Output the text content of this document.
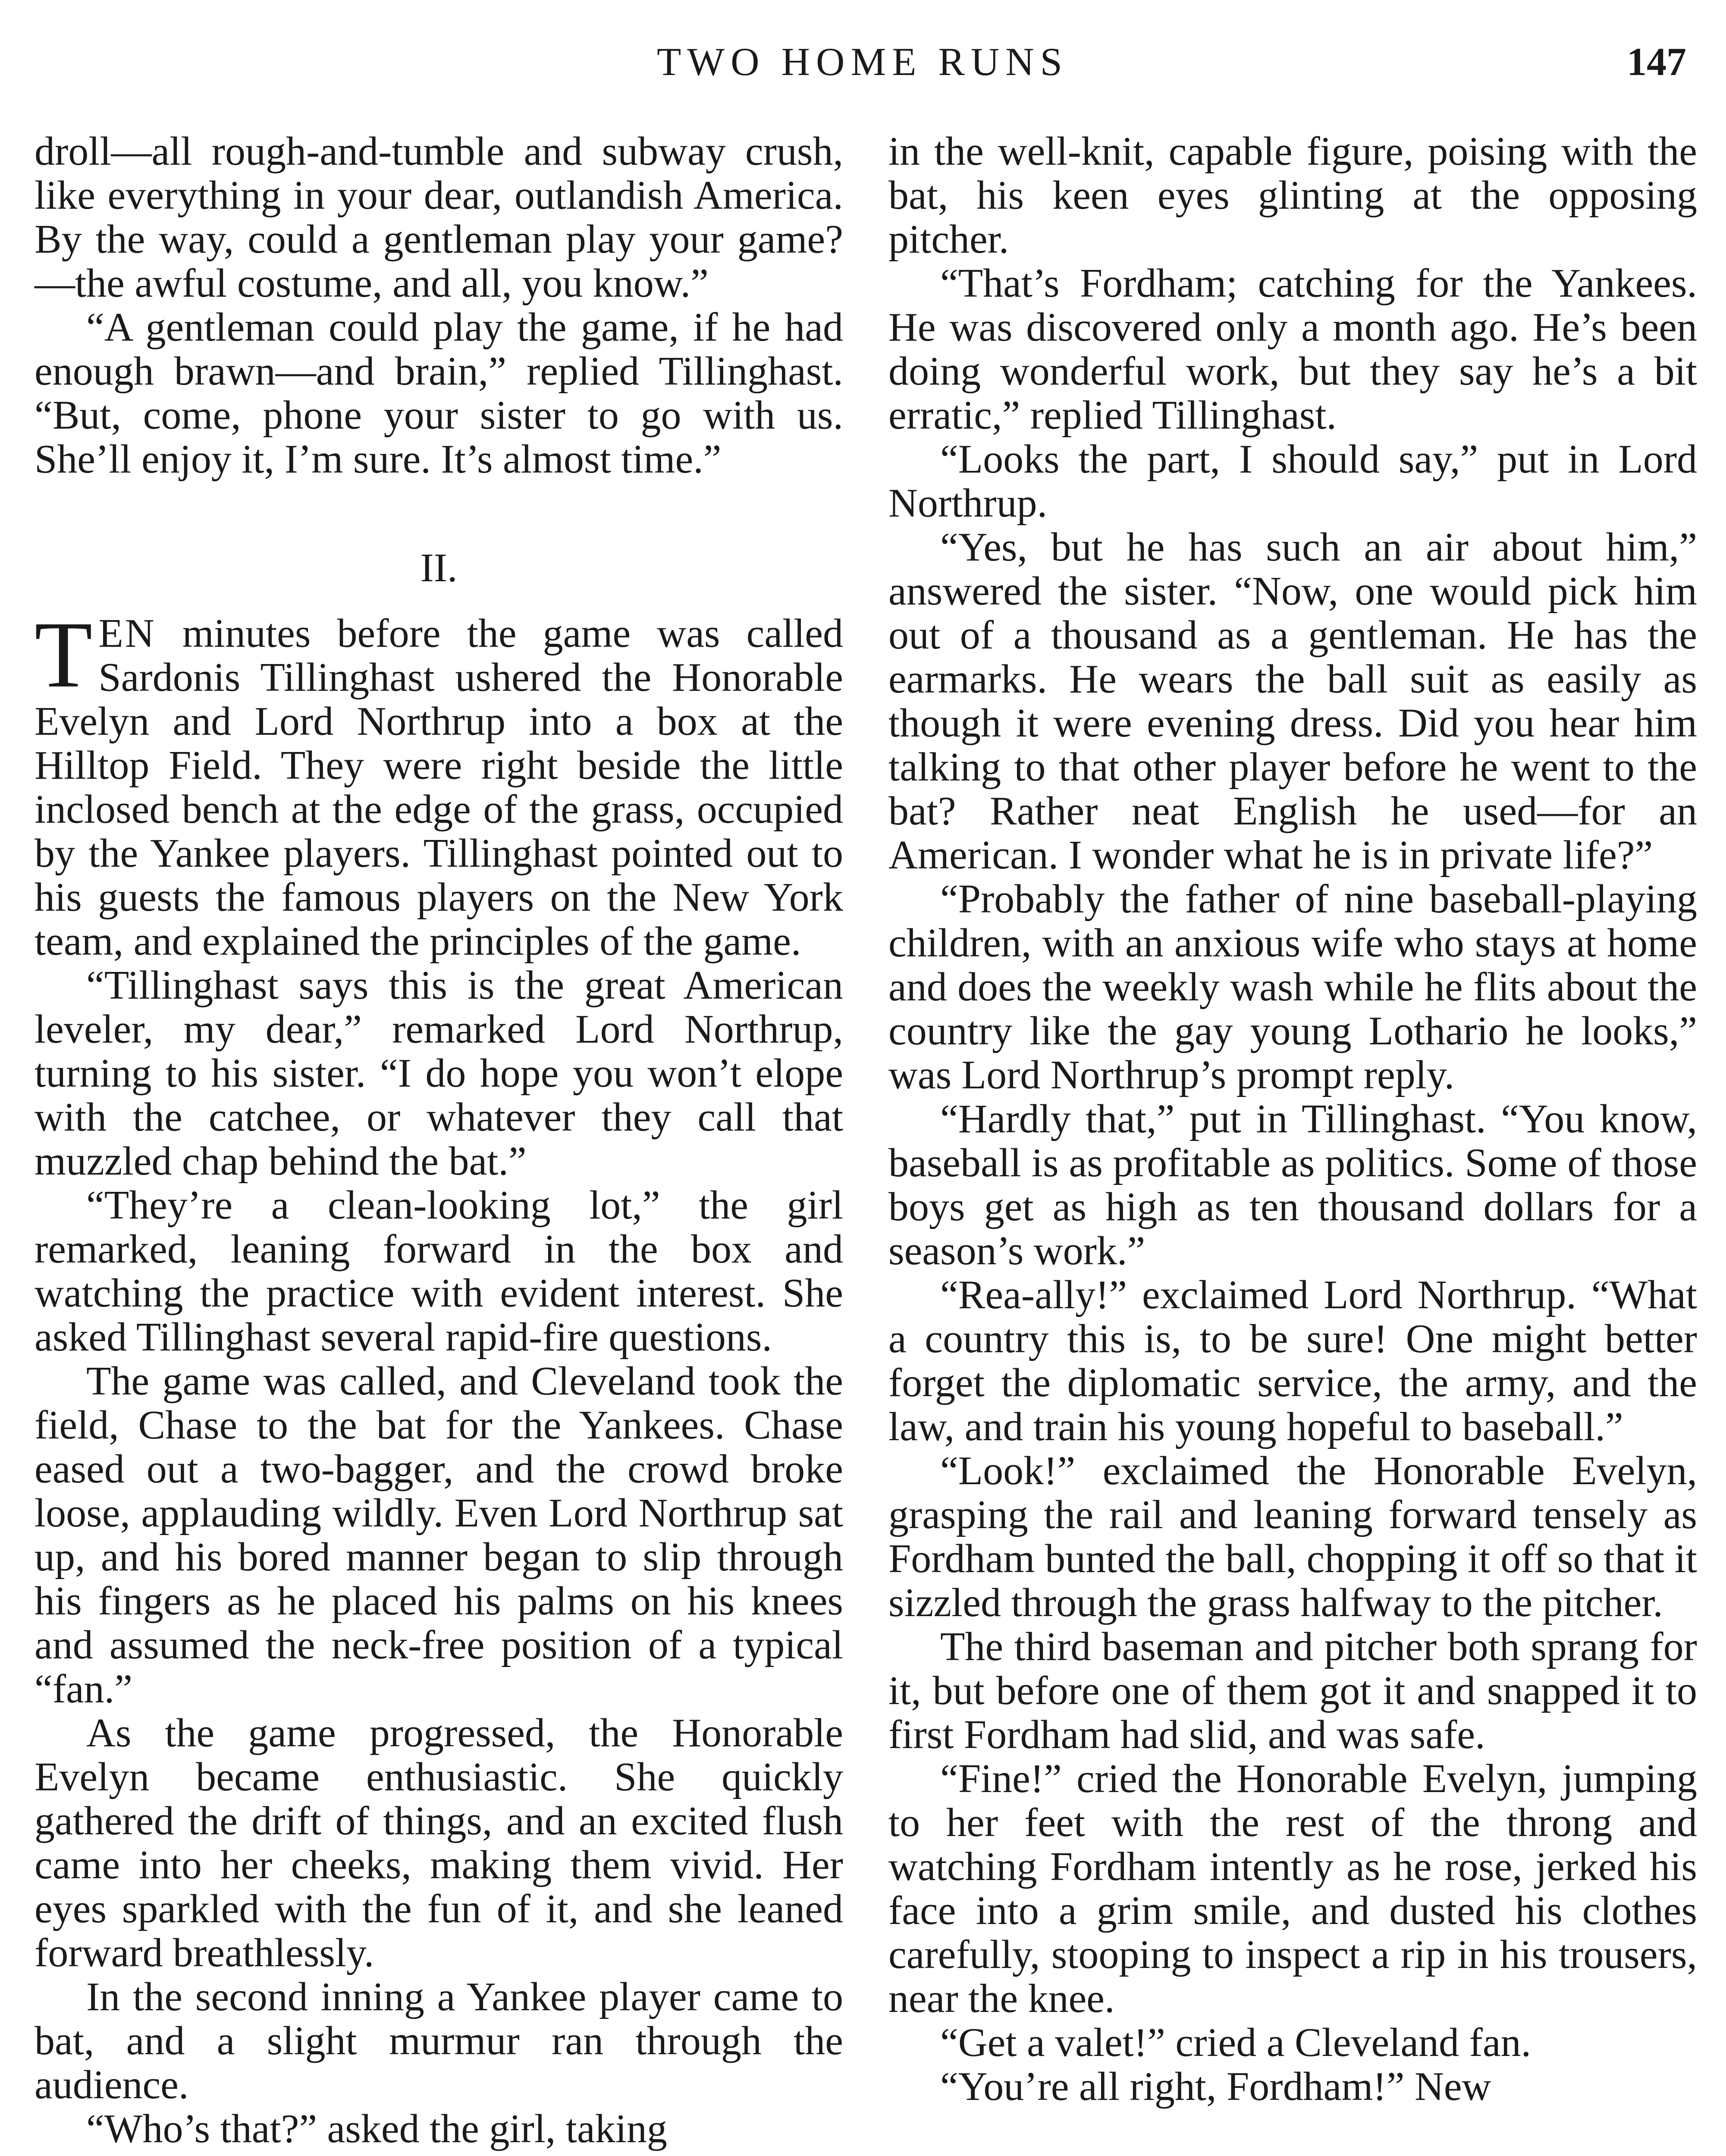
TWO HOME RUNS	147

droll—all rough-and-tumble and subway crush, like everything in your dear, outlandish America. By the way, could a gentleman play your game?—the awful costume, and all, you know.”

“A gentleman could play the game, if he had enough brawn—and brain,” replied Tillinghast. “But, come, phone your sister to go with us. She’ll enjoy it, I’m sure. It’s almost time.”

II.

TEN minutes before the game was called Sardonis Tillinghast ushered the Honorable Evelyn and Lord Northrup into a box at the Hilltop Field. They were right beside the little inclosed bench at the edge of the grass, occupied by the Yankee players. Tillinghast pointed out to his guests the famous players on the New York team, and explained the principles of the game.

“Tillinghast says this is the great American leveler, my dear,” remarked Lord Northrup, turning to his sister. “I do hope you won’t elope with the catchee, or whatever they call that muzzled chap behind the bat.”

“They’re a clean-looking lot,” the girl remarked, leaning forward in the box and watching the practice with evident interest. She asked Tillinghast several rapid-fire questions.

The game was called, and Cleveland took the field, Chase to the bat for the Yankees. Chase eased out a two-bagger, and the crowd broke loose, applauding wildly. Even Lord Northrup sat up, and his bored manner began to slip through his fingers as he placed his palms on his knees and assumed the neck-free position of a typical “fan.”

As the game progressed, the Honorable Evelyn became enthusiastic. She quickly gathered the drift of things, and an excited flush came into her cheeks, making them vivid. Her eyes sparkled with the fun of it, and she leaned forward breathlessly.

In the second inning a Yankee player came to bat, and a slight murmur ran through the audience.

“Who’s that?” asked the girl, taking

in the well-knit, capable figure, poising with the bat, his keen eyes glinting at the opposing pitcher.

“That’s Fordham; catching for the Yankees. He was discovered only a month ago. He’s been doing wonderful work, but they say he’s a bit erratic,” replied Tillinghast.

“Looks the part, I should say,” put in Lord Northrup.

“Yes, but he has such an air about him,” answered the sister. “Now, one would pick him out of a thousand as a gentleman. He has the earmarks. He wears the ball suit as easily as though it were evening dress. Did you hear him talking to that other player before he went to the bat? Rather neat English he used—for an American. I wonder what he is in private life?”

“Probably the father of nine baseball-playing children, with an anxious wife who stays at home and does the weekly wash while he flits about the country like the gay young Lothario he looks,” was Lord Northrup’s prompt reply.

“Hardly that,” put in Tillinghast. “You know, baseball is as profitable as politics. Some of those boys get as high as ten thousand dollars for a season’s work.”

“Rea-ally!” exclaimed Lord Northrup. “What a country this is, to be sure! One might better forget the diplomatic service, the army, and the law, and train his young hopeful to baseball.”

“Look!” exclaimed the Honorable Evelyn, grasping the rail and leaning forward tensely as Fordham bunted the ball, chopping it off so that it sizzled through the grass halfway to the pitcher.

The third baseman and pitcher both sprang for it, but before one of them got it and snapped it to first Fordham had slid, and was safe.

“Fine!” cried the Honorable Evelyn, jumping to her feet with the rest of the throng and watching Fordham intently as he rose, jerked his face into a grim smile, and dusted his clothes carefully, stooping to inspect a rip in his trousers, near the knee.

“Get a valet!” cried a Cleveland fan.

“You’re all right, Fordham!” New
